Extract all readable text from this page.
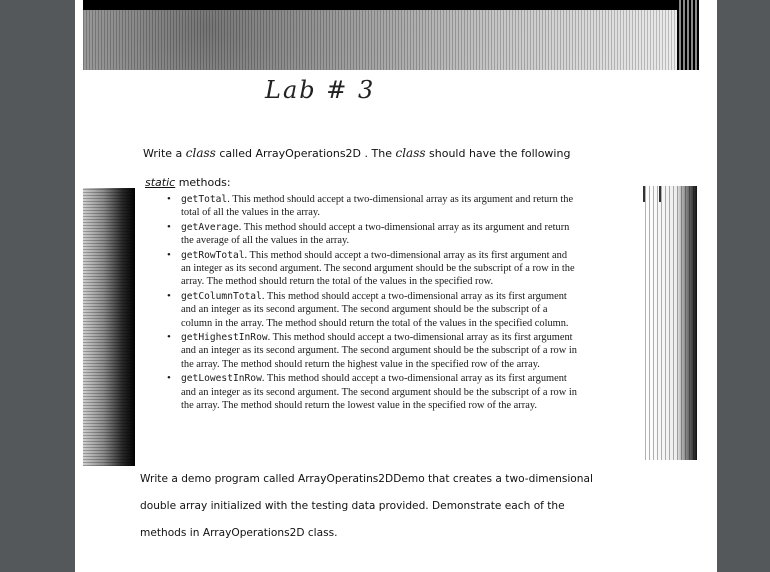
Lab # 3
Write a class called ArrayOperations2D . The class should have the following
static methods:
• getTotal. This method should accept a two-dimensional array as its argument and return the total of all the values in the array.
• getAverage. This method should accept a two-dimensional array as its argument and return the average of all the values in the array.
• getRowTotal. This method should accept a two-dimensional array as its first argument and an integer as its second argument. The second argument should be the subscript of a row in the array. The method should return the total of the values in the specified row.
• getColumnTotal. This method should accept a two-dimensional array as its first argument and an integer as its second argument. The second argument should be the subscript of a column in the array. The method should return the total of the values in the specified column.
• getHighestInRow. This method should accept a two-dimensional array as its first argument and an integer as its second argument. The second argument should be the subscript of a row in the array. The method should return the highest value in the specified row of the array.
• getLowestInRow. This method should accept a two-dimensional array as its first argument and an integer as its second argument. The second argument should be the subscript of a row in the array. The method should return the lowest value in the specified row of the array.
Write a demo program called ArrayOperatins2DDemo that creates a two-dimensional
double array initialized with the testing data provided. Demonstrate each of the
methods in ArrayOperations2D class.
